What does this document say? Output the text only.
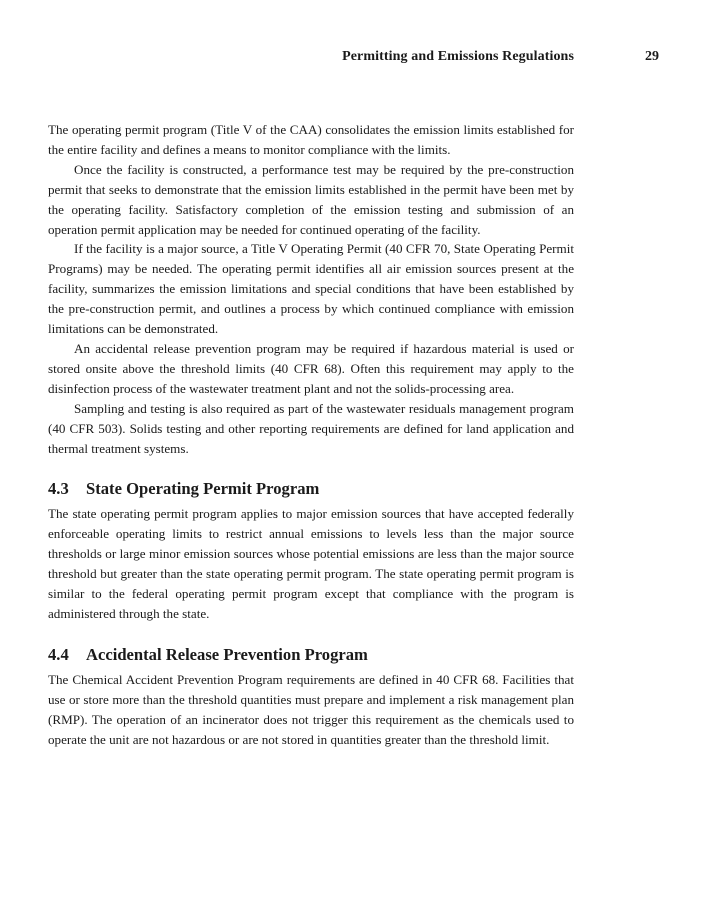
Permitting and Emissions Regulations	29

The operating permit program (Title V of the CAA) consolidates the emission limits established for the entire facility and defines a means to monitor compliance with the limits.

Once the facility is constructed, a performance test may be required by the pre-construction permit that seeks to demonstrate that the emission limits established in the permit have been met by the operating facility. Satisfactory completion of the emission testing and submission of an operation permit application may be needed for continued operating of the facility.

If the facility is a major source, a Title V Operating Permit (40 CFR 70, State Operating Permit Programs) may be needed. The operating permit identifies all air emission sources present at the facility, summarizes the emission limitations and special conditions that have been established by the pre-construction permit, and outlines a process by which continued compliance with emission limitations can be demonstrated.

An accidental release prevention program may be required if hazardous material is used or stored onsite above the threshold limits (40 CFR 68). Often this requirement may apply to the disinfection process of the wastewater treatment plant and not the solids-processing area.

Sampling and testing is also required as part of the wastewater residuals management program (40 CFR 503). Solids testing and other reporting requirements are defined for land application and thermal treatment systems.

4.3 State Operating Permit Program

The state operating permit program applies to major emission sources that have accepted federally enforceable operating limits to restrict annual emissions to levels less than the major source thresholds or large minor emission sources whose potential emissions are less than the major source threshold but greater than the state operating permit program. The state operating permit program is similar to the federal operating permit program except that compliance with the program is administered through the state.

4.4 Accidental Release Prevention Program

The Chemical Accident Prevention Program requirements are defined in 40 CFR 68. Facilities that use or store more than the threshold quantities must prepare and implement a risk management plan (RMP). The operation of an incinerator does not trigger this requirement as the chemicals used to operate the unit are not hazardous or are not stored in quantities greater than the threshold limit.
